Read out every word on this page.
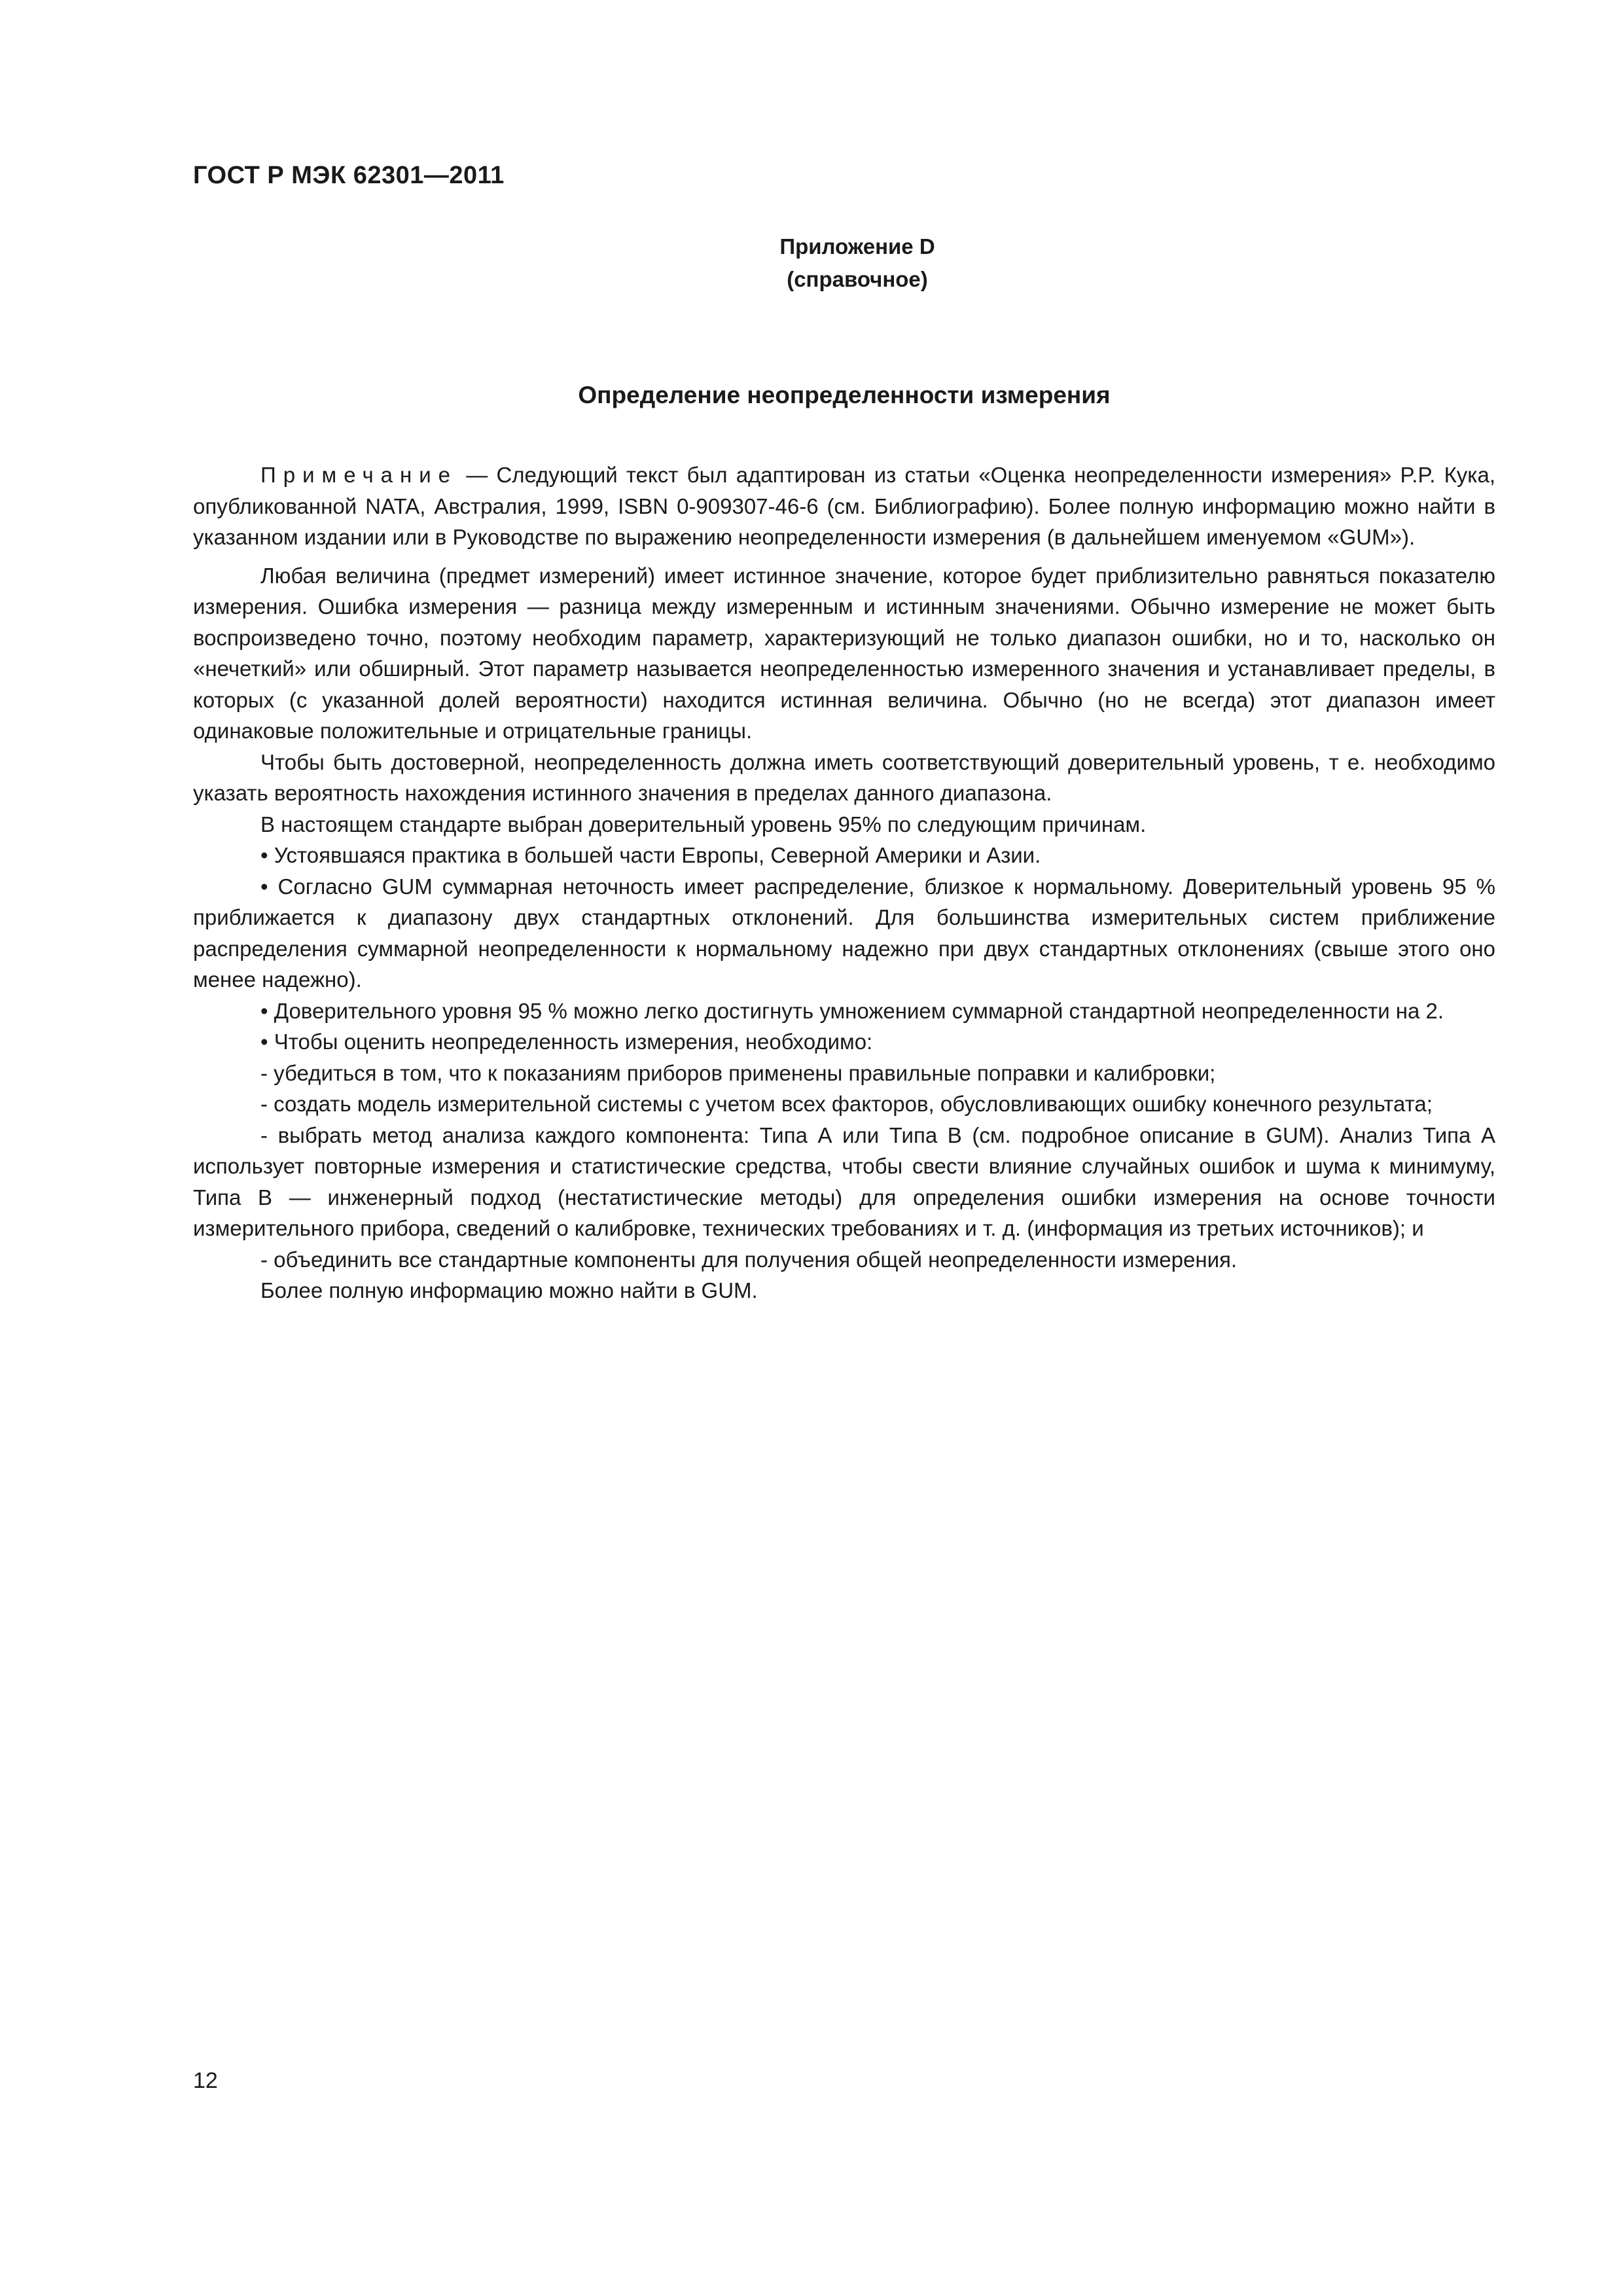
ГОСТ Р МЭК 62301—2011
Приложение D
(справочное)
Определение неопределенности измерения

Примечание — Следующий текст был адаптирован из статьи «Оценка неопределенности измерения» P.P. Кука, опубликованной NATA, Австралия, 1999, ISBN 0-909307-46-6 (см. Библиографию). Более полную информацию можно найти в указанном издании или в Руководстве по выражению неопределенности измерения (в дальнейшем именуемом «GUM»).

Любая величина (предмет измерений) имеет истинное значение, которое будет приблизительно равняться показателю измерения. Ошибка измерения — разница между измеренным и истинным значениями. Обычно измерение не может быть воспроизведено точно, поэтому необходим параметр, характеризующий не только диапазон ошибки, но и то, насколько он «нечеткий» или обширный. Этот параметр называется неопределенностью измеренного значения и устанавливает пределы, в которых (с указанной долей вероятности) находится истинная величина. Обычно (но не всегда) этот диапазон имеет одинаковые положительные и отрицательные границы.

Чтобы быть достоверной, неопределенность должна иметь соответствующий доверительный уровень, т е. необходимо указать вероятность нахождения истинного значения в пределах данного диапазона.

В настоящем стандарте выбран доверительный уровень 95% по следующим причинам.

• Устоявшаяся практика в большей части Европы, Северной Америки и Азии.

• Согласно GUM суммарная неточность имеет распределение, близкое к нормальному. Доверительный уровень 95 % приближается к диапазону двух стандартных отклонений. Для большинства измерительных систем приближение распределения суммарной неопределенности к нормальному надежно при двух стандартных отклонениях (свыше этого оно менее надежно).

• Доверительного уровня 95 % можно легко достигнуть умножением суммарной стандартной неопределенности на 2.

• Чтобы оценить неопределенность измерения, необходимо:

- убедиться в том, что к показаниям приборов применены правильные поправки и калибровки;

- создать модель измерительной системы с учетом всех факторов, обусловливающих ошибку конечного результата;

- выбрать метод анализа каждого компонента: Типа А или Типа В (см. подробное описание в GUM). Анализ Типа А использует повторные измерения и статистические средства, чтобы свести влияние случайных ошибок и шума к минимуму, Типа В — инженерный подход (нестатистические методы) для определения ошибки измерения на основе точности измерительного прибора, сведений о калибровке, технических требованиях и т. д. (информация из третьих источников); и

- объединить все стандартные компоненты для получения общей неопределенности измерения.

Более полную информацию можно найти в GUM.

12
